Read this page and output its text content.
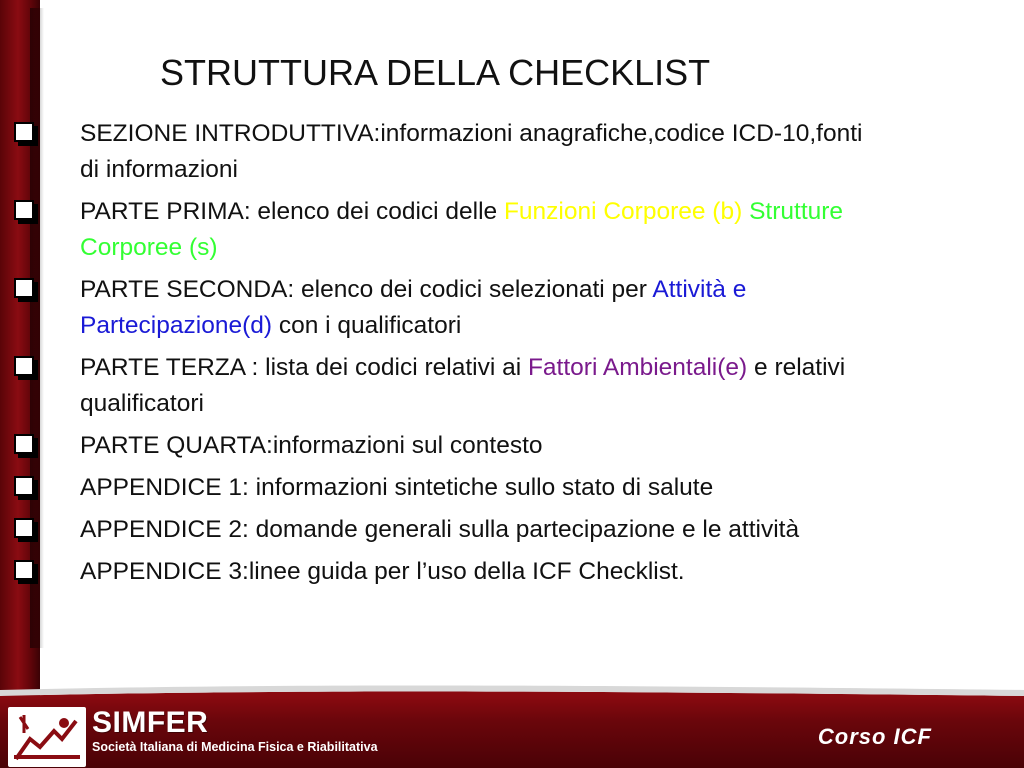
SIMFER
Società Italiana di Medicina Fisica e Riabilitativa	Corso ICF
STRUTTURA DELLA CHECKLIST
SEZIONE INTRODUTTIVA:informazioni anagrafiche,codice ICD-10,fonti di informazioni
PARTE PRIMA: elenco dei codici delle Funzioni Corporee (b) Strutture Corporee (s)
PARTE SECONDA: elenco dei codici selezionati per Attività e Partecipazione(d) con i qualificatori
PARTE TERZA : lista dei codici relativi ai Fattori Ambientali(e) e relativi qualificatori
PARTE QUARTA:informazioni sul contesto
APPENDICE 1: informazioni sintetiche sullo stato di salute
APPENDICE 2: domande generali sulla partecipazione e le attività
APPENDICE 3:linee guida per l’uso della ICF Checklist.
